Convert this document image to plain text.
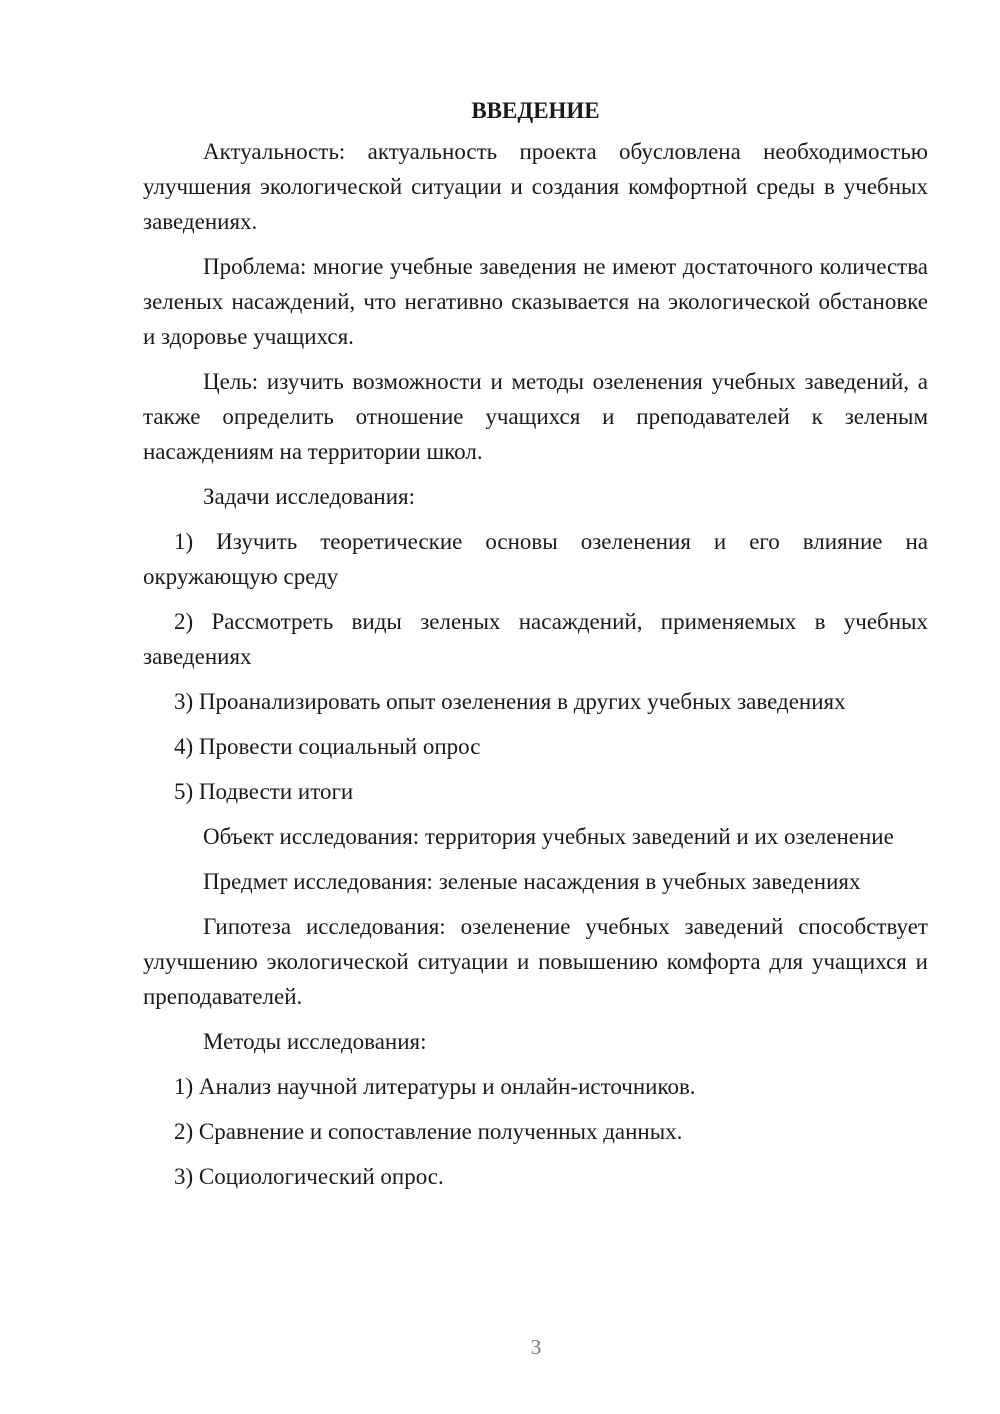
ВВЕДЕНИЕ

Актуальность: актуальность проекта обусловлена необходимостью улучшения экологической ситуации и создания комфортной среды в учебных заведениях.

Проблема: многие учебные заведения не имеют достаточного количества зеленых насаждений, что негативно сказывается на экологической обстановке и здоровье учащихся.

Цель: изучить возможности и методы озеленения учебных заведений, а также определить отношение учащихся и преподавателей к зеленым насаждениям на территории школ.

Задачи исследования:

1) Изучить теоретические основы озеленения и его влияние на окружающую среду

2) Рассмотреть виды зеленых насаждений, применяемых в учебных заведениях

3) Проанализировать опыт озеленения в других учебных заведениях

4) Провести социальный опрос

5) Подвести итоги

Объект исследования: территория учебных заведений и их озеленение

Предмет исследования: зеленые насаждения в учебных заведениях

Гипотеза исследования: озеленение учебных заведений способствует улучшению экологической ситуации и повышению комфорта для учащихся и преподавателей.

Методы исследования:

1) Анализ научной литературы и онлайн-источников.

2) Сравнение и сопоставление полученных данных.

3) Социологический опрос.

3
